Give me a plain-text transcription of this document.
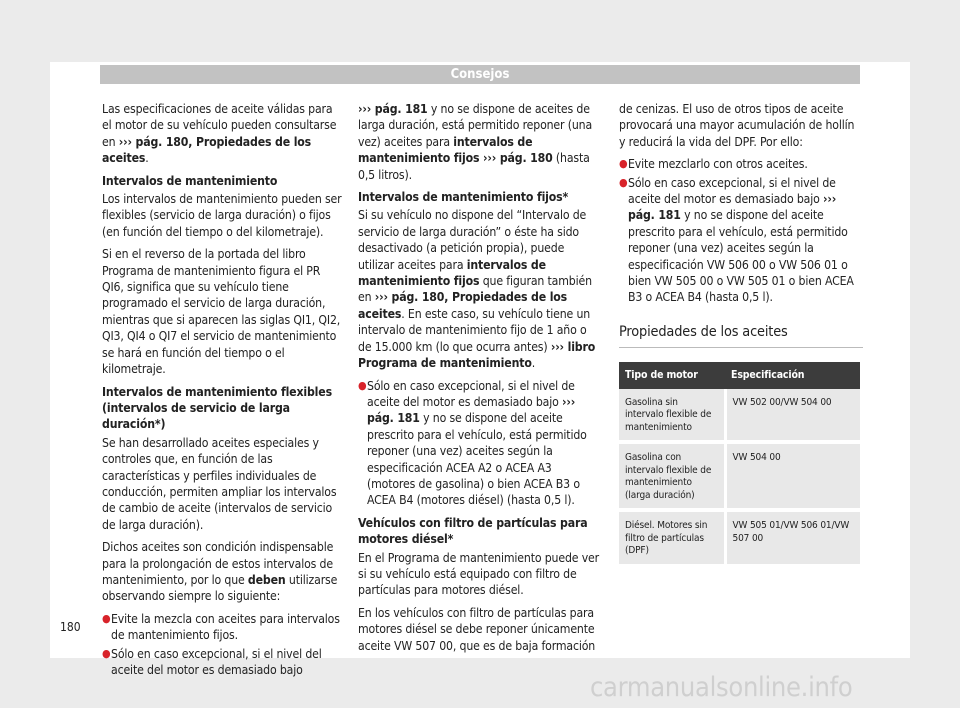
Consejos

Las especificaciones de aceite válidas para el motor de su vehículo pueden consultarse en ››› pág. 180, Propiedades de los aceites.

Intervalos de mantenimiento

Los intervalos de mantenimiento pueden ser flexibles (servicio de larga duración) o fijos (en función del tiempo o del kilometraje).

Si en el reverso de la portada del libro Programa de mantenimiento figura el PR QI6, significa que su vehículo tiene programado el servicio de larga duración, mientras que si aparecen las siglas QI1, QI2, QI3, QI4 o QI7 el servicio de mantenimiento se hará en función del tiempo o el kilometraje.

Intervalos de mantenimiento flexibles (intervalos de servicio de larga duración*)

Se han desarrollado aceites especiales y controles que, en función de las características y perfiles individuales de conducción, permiten ampliar los intervalos de cambio de aceite (intervalos de servicio de larga duración).

Dichos aceites son condición indispensable para la prolongación de estos intervalos de mantenimiento, por lo que deben utilizarse observando siempre lo siguiente:

● Evite la mezcla con aceites para intervalos de mantenimiento fijos.

● Sólo en caso excepcional, si el nivel del aceite del motor es demasiado bajo

››› pág. 181 y no se dispone de aceites de larga duración, está permitido reponer (una vez) aceites para intervalos de mantenimiento fijos ››› pág. 180 (hasta 0,5 litros).

Intervalos de mantenimiento fijos*

Si su vehículo no dispone del “Intervalo de servicio de larga duración” o éste ha sido desactivado (a petición propia), puede utilizar aceites para intervalos de mantenimiento fijos que figuran también en ››› pág. 180, Propiedades de los aceites. En este caso, su vehículo tiene un intervalo de mantenimiento fijo de 1 año o de 15.000 km (lo que ocurra antes) ››› libro Programa de mantenimiento.

● Sólo en caso excepcional, si el nivel de aceite del motor es demasiado bajo ››› pág. 181 y no se dispone del aceite prescrito para el vehículo, está permitido reponer (una vez) aceites según la especificación ACEA A2 o ACEA A3 (motores de gasolina) o bien ACEA B3 o ACEA B4 (motores diésel) (hasta 0,5 l).

Vehículos con filtro de partículas para motores diésel*

En el Programa de mantenimiento puede ver si su vehículo está equipado con filtro de partículas para motores diésel.

En los vehículos con filtro de partículas para motores diésel se debe reponer únicamente aceite VW 507 00, que es de baja formación

de cenizas. El uso de otros tipos de aceite provocará una mayor acumulación de hollín y reducirá la vida del DPF. Por ello:

● Evite mezclarlo con otros aceites.

● Sólo en caso excepcional, si el nivel de aceite del motor es demasiado bajo ››› pág. 181 y no se dispone del aceite prescrito para el vehículo, está permitido reponer (una vez) aceites según la especificación VW 506 00 o VW 506 01 o bien VW 505 00 o VW 505 01 o bien ACEA B3 o ACEA B4 (hasta 0,5 l).

Propiedades de los aceites
Tipo de motor	Especificación
Gasolina sin intervalo flexible de mantenimiento	VW 502 00/VW 504 00
Gasolina con intervalo flexible de mantenimiento (larga duración)	VW 504 00
Diésel. Motores sin filtro de partículas (DPF)	VW 505 01/VW 506 01/VW 507 00
180
carmanualsonline.info
